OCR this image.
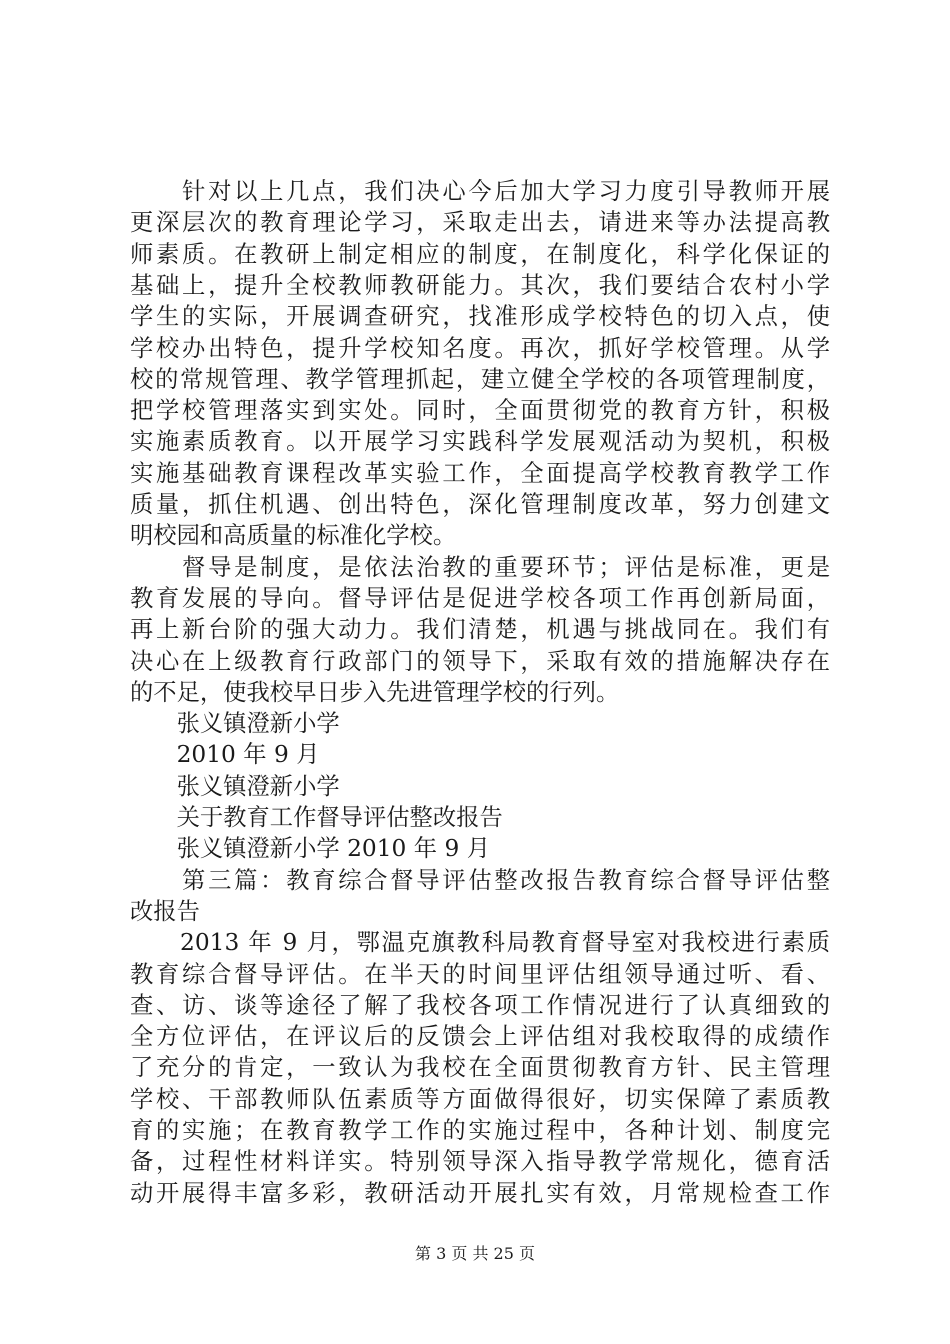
　　针对以上几点，我们决心今后加大学习力度引导教师开展
更深层次的教育理论学习，采取走出去，请进来等办法提高教
师素质。在教研上制定相应的制度，在制度化，科学化保证的
基础上，提升全校教师教研能力。其次，我们要结合农村小学
学生的实际，开展调查研究，找准形成学校特色的切入点，使
学校办出特色，提升学校知名度。再次，抓好学校管理。从学
校的常规管理、教学管理抓起，建立健全学校的各项管理制度，
把学校管理落实到实处。同时，全面贯彻党的教育方针，积极
实施素质教育。以开展学习实践科学发展观活动为契机，积极
实施基础教育课程改革实验工作，全面提高学校教育教学工作
质量，抓住机遇、创出特色，深化管理制度改革，努力创建文
明校园和高质量的标准化学校。
　　督导是制度，是依法治教的重要环节；评估是标准，更是
教育发展的导向。督导评估是促进学校各项工作再创新局面，
再上新台阶的强大动力。我们清楚，机遇与挑战同在。我们有
决心在上级教育行政部门的领导下，采取有效的措施解决存在
的不足，使我校早日步入先进管理学校的行列。
　　张义镇澄新小学
　　2010 年 9 月
　　张义镇澄新小学
　　关于教育工作督导评估整改报告
　　张义镇澄新小学 2010 年 9 月
　　第三篇：教育综合督导评估整改报告教育综合督导评估整
改报告
　　2013 年 9 月，鄂温克旗教科局教育督导室对我校进行素质
教育综合督导评估。在半天的时间里评估组领导通过听、看、
查、访、谈等途径了解了我校各项工作情况进行了认真细致的
全方位评估，在评议后的反馈会上评估组对我校取得的成绩作
了充分的肯定，一致认为我校在全面贯彻教育方针、民主管理
学校、干部教师队伍素质等方面做得很好，切实保障了素质教
育的实施；在教育教学工作的实施过程中，各种计划、制度完
备，过程性材料详实。特别领导深入指导教学常规化，德育活
动开展得丰富多彩，教研活动开展扎实有效，月常规检查工作
第 3 页 共 25 页
